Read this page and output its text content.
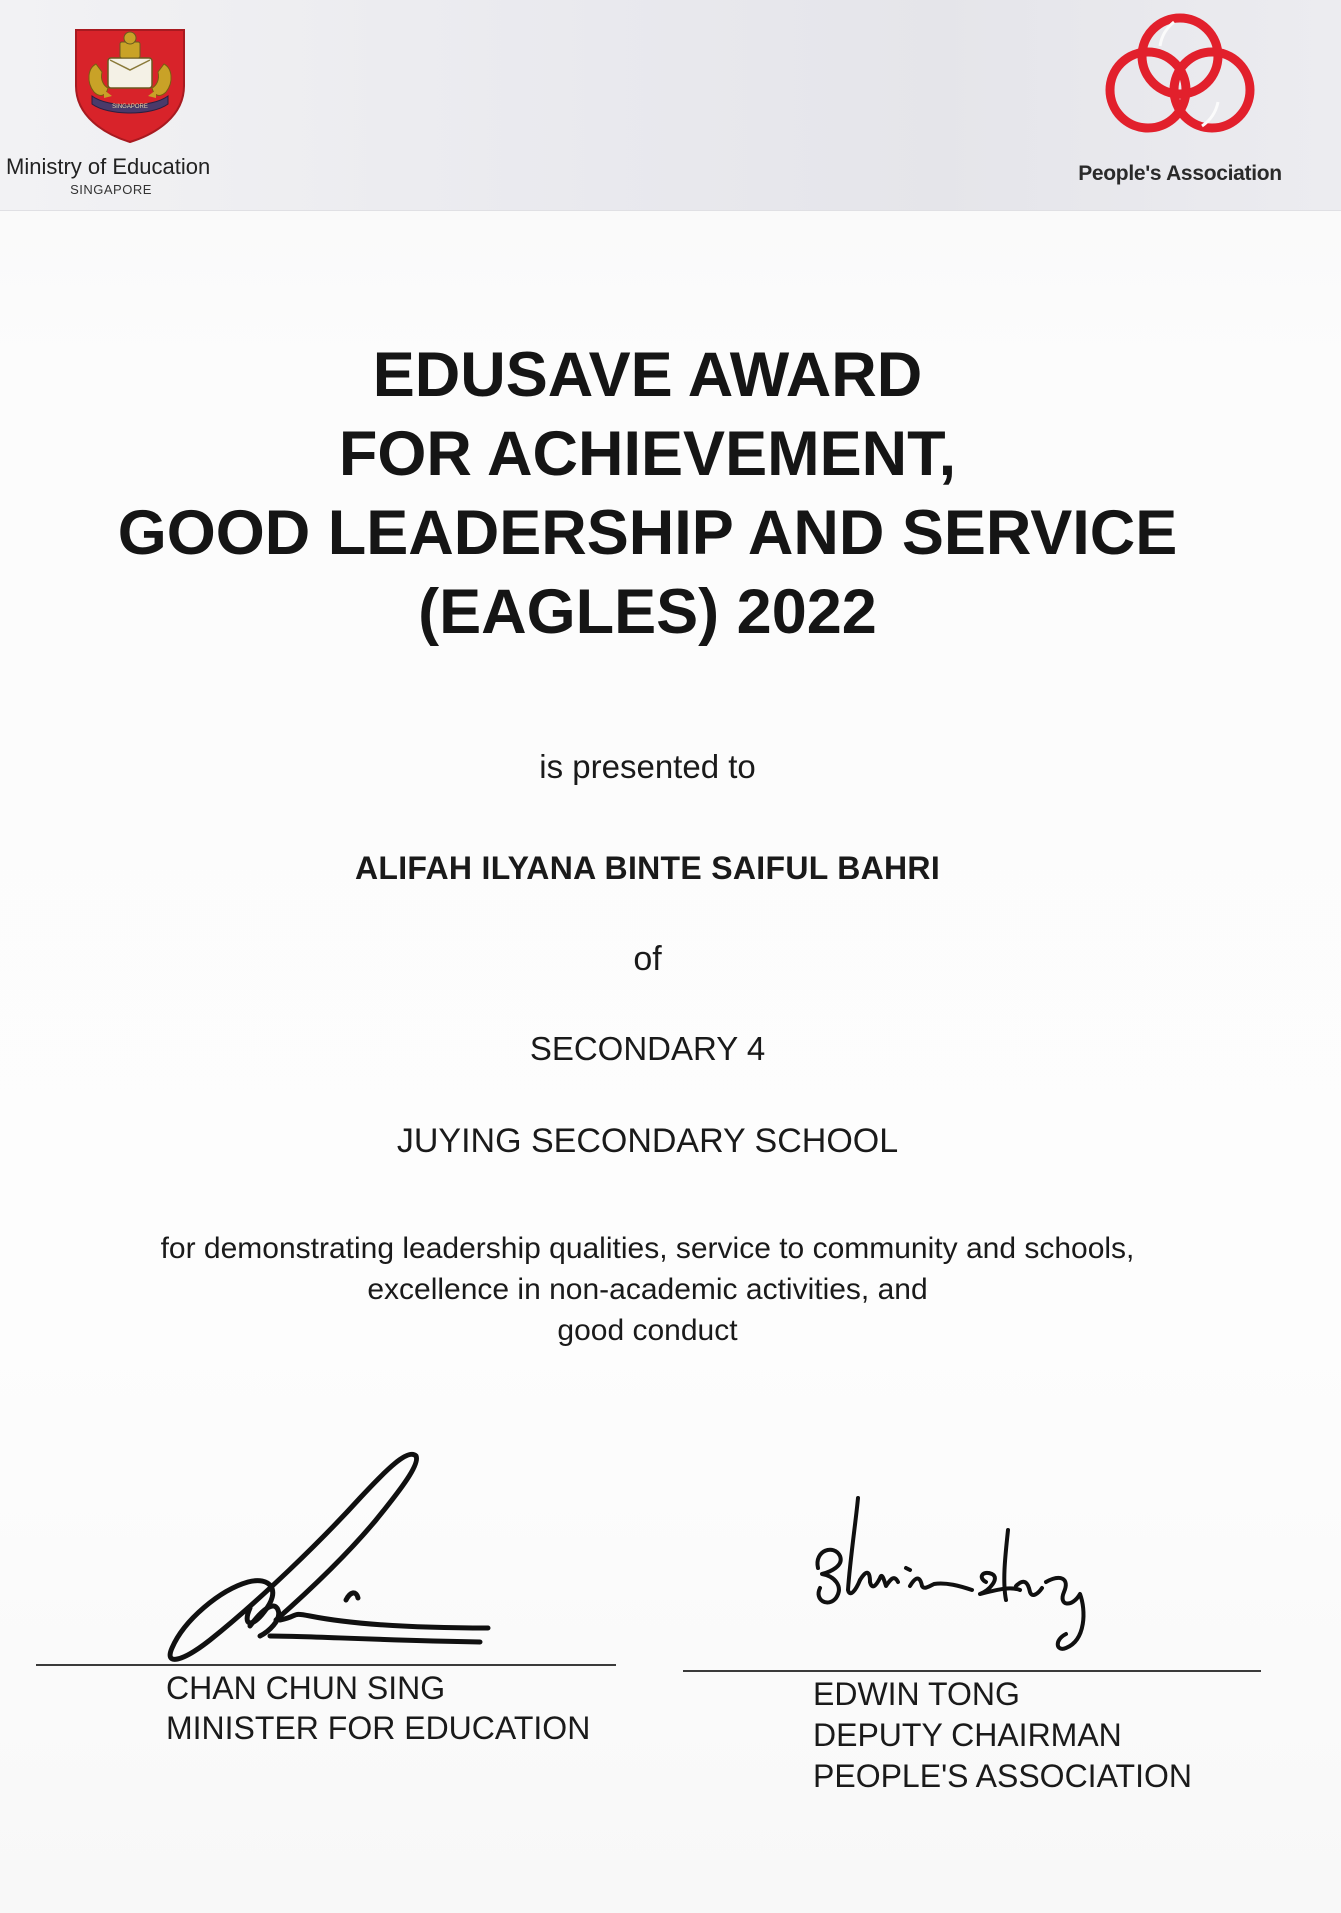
SINGAPORE
Ministry of Education
SINGAPORE
People's Association
EDUSAVE AWARD
FOR ACHIEVEMENT,
GOOD LEADERSHIP AND SERVICE
(EAGLES) 2022
is presented to
ALIFAH ILYANA BINTE SAIFUL BAHRI
of
SECONDARY 4
JUYING SECONDARY SCHOOL
for demonstrating leadership qualities, service to community and schools,
excellence in non-academic activities, and
good conduct
CHAN CHUN SING
MINISTER FOR EDUCATION
EDWIN TONG
DEPUTY CHAIRMAN
PEOPLE'S ASSOCIATION
